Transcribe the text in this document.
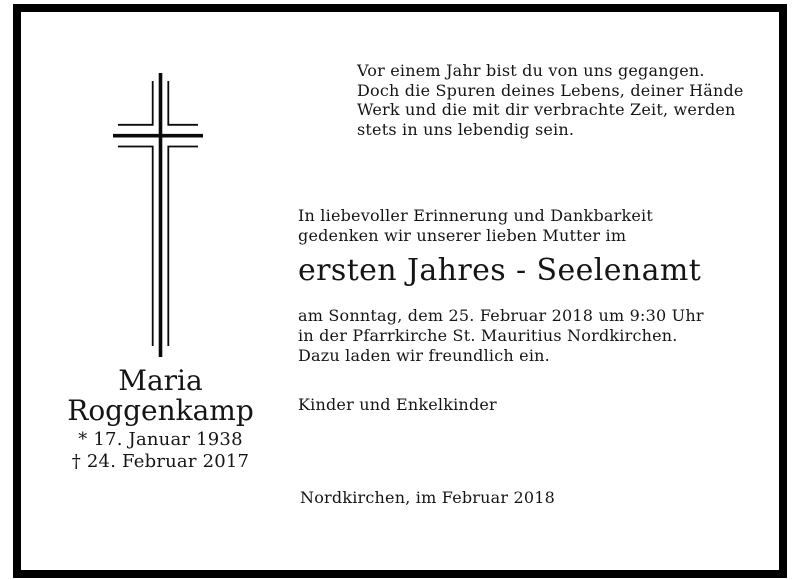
Vor einem Jahr bist du von uns gegangen.
Doch die Spuren deines Lebens, deiner Hände
Werk und die mit dir verbrachte Zeit, werden
stets in uns lebendig sein.
In liebevoller Erinnerung und Dankbarkeit
gedenken wir unserer lieben Mutter im
ersten Jahres - Seelenamt
am Sonntag, dem 25. Februar 2018 um 9:30 Uhr
in der Pfarrkirche St. Mauritius Nordkirchen.
Dazu laden wir freundlich ein.
Kinder und Enkelkinder
Nordkirchen, im Februar 2018
Maria
Roggenkamp
* 17. Januar 1938
† 24. Februar 2017
